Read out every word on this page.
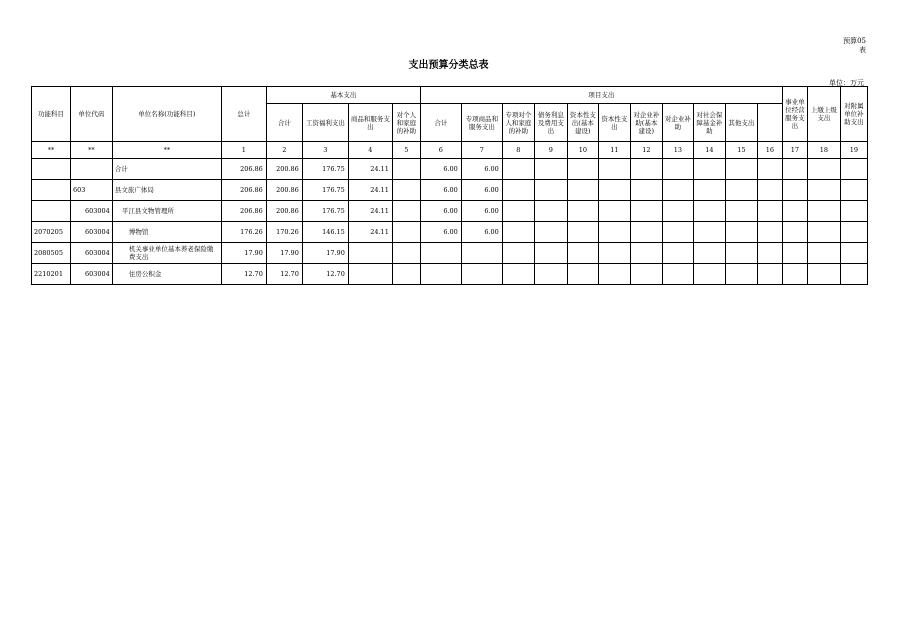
预算05
表
支出预算分类总表
单位：万元
功能科目	单位代码	单位名称(功能科目)	总计	基本支出				项目支出											事业单位经营服务支出	上缴上级支出	对附属单位补助支出
				合计	工资福利支出	商品和服务支出	对个人和家庭的补助	合计	专项商品和服务支出	专项对个人和家庭的补助	债务利息及费用支出	资本性支出(基本建设)	资本性支出	对企业补助(基本建设)	对企业补助	对社会保障基金补助	其他支出				
**	**	**	1	2	3	4	5	6	7	8	9	10	11	12	13	14	15	16	17	18	19
		合计	206.86	200.86	176.75	24.11		6.00	6.00												
	603	县文旅广体局	206.86	200.86	176.75	24.11		6.00	6.00												
	603004	平江县文物管理所	206.86	200.86	176.75	24.11		6.00	6.00												
2070205	603004	博物馆	176.26	170.26	146.15	24.11		6.00	6.00												
2080505	603004	机关事业单位基本养老保险缴费支出	17.90	17.90	17.90																
2210201	603004	住房公积金	12.70	12.70	12.70																
